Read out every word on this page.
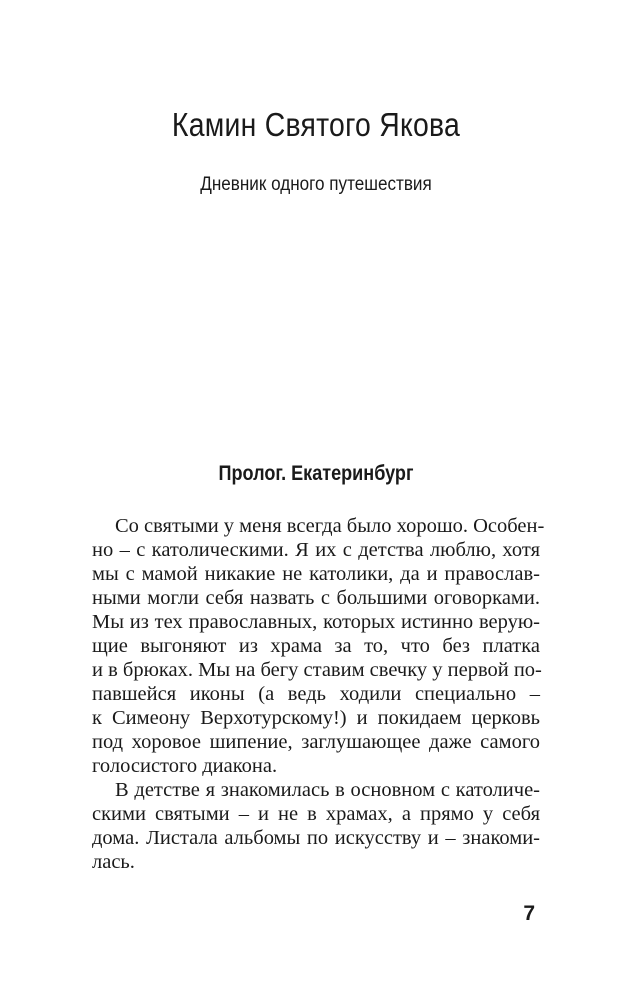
Камин Святого Якова
Дневник одного путешествия
Пролог. Екатеринбург

Со святыми у меня всегда было хорошо. Особен-

но – с католическими. Я их с детства люблю, хотя

мы с мамой никакие не католики, да и православ-

ными могли себя назвать с большими оговорками.

Мы из тех православных, которых истинно верую-

щие выгоняют из храма за то, что без платка

и в брюках. Мы на бегу ставим свечку у первой по-

павшейся иконы (а ведь ходили специально –

к Симеону Верхотурскому!) и покидаем церковь

под хоровое шипение, заглушающее даже самого

голосистого диакона.

В детстве я знакомилась в основном с католиче-

скими святыми – и не в храмах, а прямо у себя

дома. Листала альбомы по искусству и – знакоми-

лась.

7
